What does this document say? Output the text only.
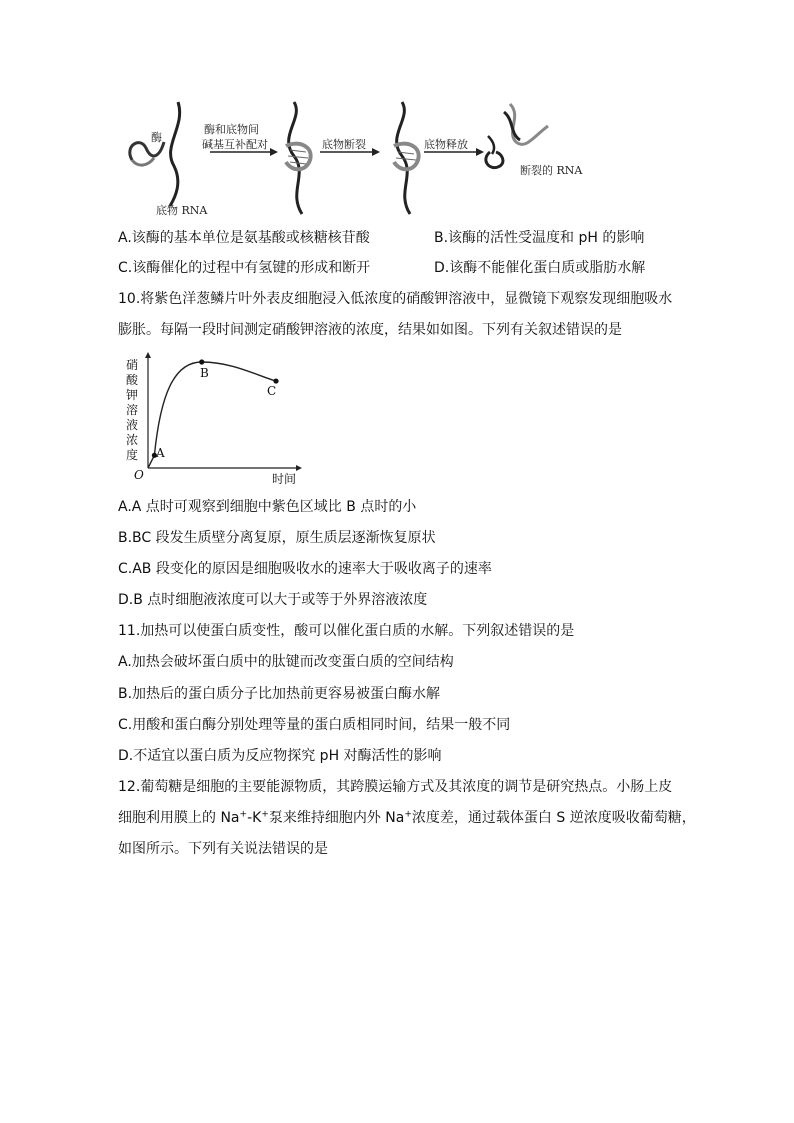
酶
底物 RNA
酶和底物间
碱基互补配对	底物断裂	底物释放
断裂的 RNA
A.该酶的基本单位是氨基酸或核糖核苷酸	B.该酶的活性受温度和 pH 的影响
C.该酶催化的过程中有氢键的形成和断开	D.该酶不能催化蛋白质或脂肪水解
10.将紫色洋葱鳞片叶外表皮细胞浸入低浓度的硝酸钾溶液中，显微镜下观察发现细胞吸水
膨胀。每隔一段时间测定硝酸钾溶液的浓度，结果如如图。下列有关叙述错误的是
硝酸钾溶液浓度
O	时间
A
B
C
A.A 点时可观察到细胞中紫色区域比 B 点时的小
B.BC 段发生质壁分离复原，原生质层逐渐恢复原状
C.AB 段变化的原因是细胞吸收水的速率大于吸收离子的速率
D.B 点时细胞液浓度可以大于或等于外界溶液浓度
11.加热可以使蛋白质变性，酸可以催化蛋白质的水解。下列叙述错误的是
A.加热会破坏蛋白质中的肽键而改变蛋白质的空间结构
B.加热后的蛋白质分子比加热前更容易被蛋白酶水解
C.用酸和蛋白酶分别处理等量的蛋白质相同时间，结果一般不同
D.不适宜以蛋白质为反应物探究 pH 对酶活性的影响
12.葡萄糖是细胞的主要能源物质，其跨膜运输方式及其浓度的调节是研究热点。小肠上皮
细胞利用膜上的 Na+-K+泵来维持细胞内外 Na+浓度差，通过载体蛋白 S 逆浓度吸收葡萄糖，
如图所示。下列有关说法错误的是
